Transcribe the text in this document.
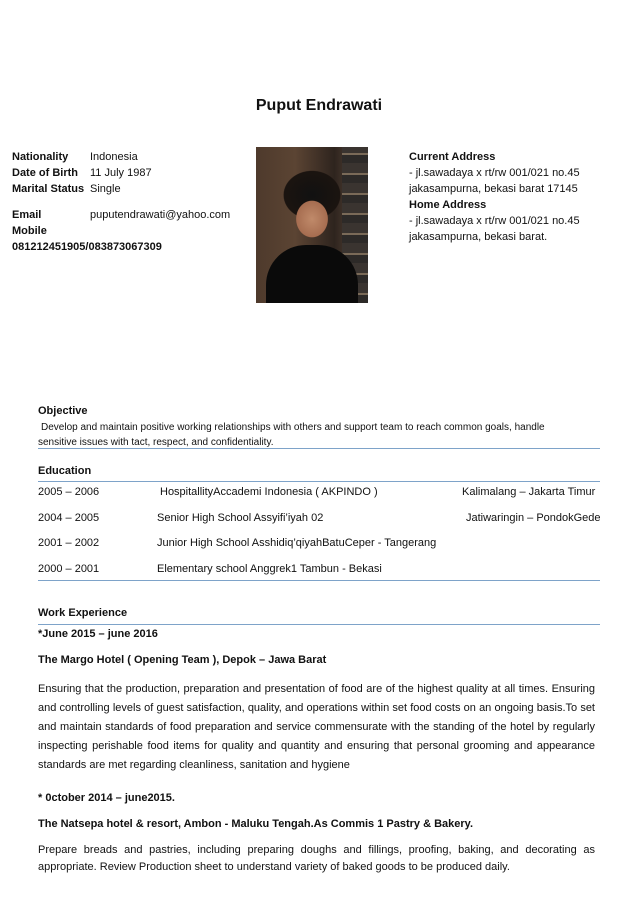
Puput Endrawati
Nationality Indonesia
Date of Birth 11 July 1987
Marital Status Single
Email	puputendrawati@yahoo.com
Mobile
081212451905/083873067309
Current Address
- jl.sawadaya x rt/rw 001/021 no.45
jakasampurna, bekasi barat 17145
Home Address
- jl.sawadaya x rt/rw 001/021 no.45
jakasampurna, bekasi barat.
Objective
Develop and maintain positive working relationships with others and support team to reach common goals, handle
sensitive issues with tact, respect, and confidentiality.
Education
2005 – 2006	HospitallityAccademi Indonesia ( AKPINDO )	Kalimalang – Jakarta Timur
2004 – 2005	Senior High School Assyifi’iyah 02	Jatiwaringin – PondokGede
2001 – 2002	Junior High School Asshidiq’qiyahBatuCeper - Tangerang
2000 – 2001	Elementary school Anggrek1 Tambun - Bekasi
Work Experience
*June 2015 – june 2016
The Margo Hotel ( Opening Team ), Depok – Jawa Barat
Ensuring that the production, preparation and presentation of food are of the highest quality at all times. Ensuring and controlling levels of guest satisfaction, quality, and operations within set food costs on an ongoing basis.To set and maintain standards of food preparation and service commensurate with the standing of the hotel by regularly inspecting perishable food items for quality and quantity and ensuring that personal grooming and appearance standards are met regarding cleanliness, sanitation and hygiene
* 0ctober 2014 – june2015.
The Natsepa hotel & resort, Ambon - Maluku Tengah.As Commis 1 Pastry & Bakery.
Prepare breads and pastries, including preparing doughs and fillings, proofing, baking, and decorating as appropriate. Review Production sheet to understand variety of baked goods to be produced daily.
